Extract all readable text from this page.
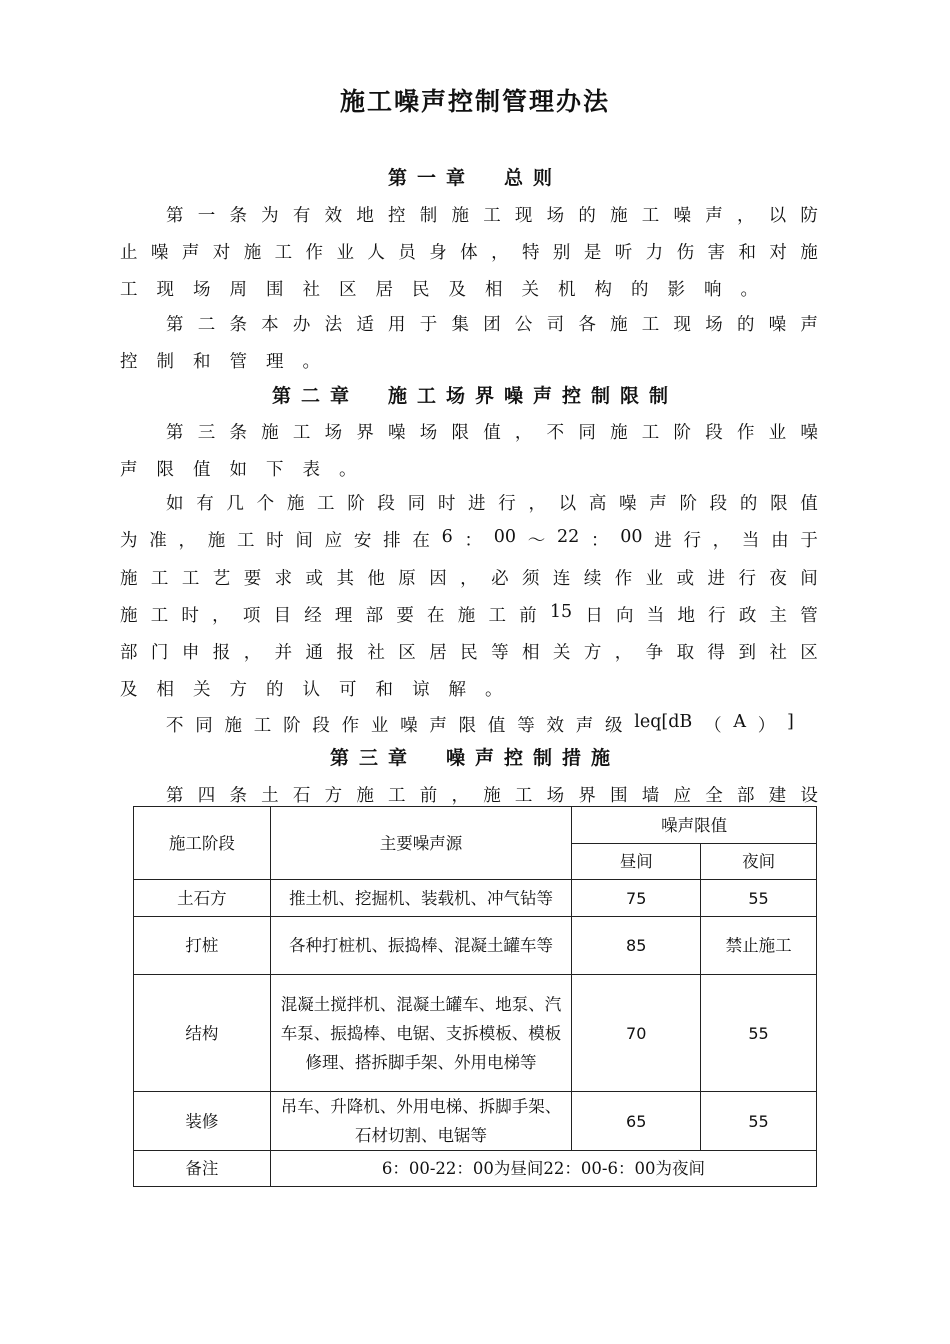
施工噪声控制管理办法
第一章　总则
第 一 条 为 有 效 地 控 制 施 工 现 场 的 施 工 噪 声 ， 以 防
止 噪 声 对 施 工 作 业 人 员 身 体 ， 特 别 是 听 力 伤 害 和 对 施
工 现 场 周 围 社 区 居 民 及 相 关 机 构 的 影 响 。
第 二 条 本 办 法 适 用 于 集 团 公 司 各 施 工 现 场 的 噪 声
控 制 和 管 理 。
第二章　施工场界噪声控制限制
第 三 条 施 工 场 界 噪 场 限 值 ， 不 同 施 工 阶 段 作 业 噪
声 限 值 如 下 表 。
如 有 几 个 施 工 阶 段 同 时 进 行 ， 以 高 噪 声 阶 段 的 限 值
为 准 ， 施 工 时 间 应 安 排 在 6 ： 00 ～ 22 ： 00 进 行 ， 当 由 于
施 工 工 艺 要 求 或 其 他 原 因 ， 必 须 连 续 作 业 或 进 行 夜 间
施 工 时 ， 项 目 经 理 部 要 在 施 工 前 15 日 向 当 地 行 政 主 管
部 门 申 报 ， 并 通 报 社 区 居 民 等 相 关 方 ， 争 取 得 到 社 区
及 相 关 方 的 认 可 和 谅 解 。
不 同 施 工 阶 段 作 业 噪 声 限 值 等 效 声 级 leq[dB （ A ） ]
第三章　噪声控制措施
第 四 条 土 石 方 施 工 前 ， 施 工 场 界 围 墙 应 全 部 建 设
施工阶段	主要噪声源	噪声限值	
		昼间	夜间
土石方	推土机、挖掘机、装载机、冲气钻等	75	55
打桩	各种打桩机、振捣棒、混凝土罐车等	85	禁止施工
结构	混凝土搅拌机、混凝土罐车、地泵、汽车泵、振捣棒、电锯、支拆模板、模板修理、搭拆脚手架、外用电梯等	70	55
装修	吊车、升降机、外用电梯、拆脚手架、石材切割、电锯等	65	55
备注	6：00-22：00为昼间22：00-6：00为夜间		
